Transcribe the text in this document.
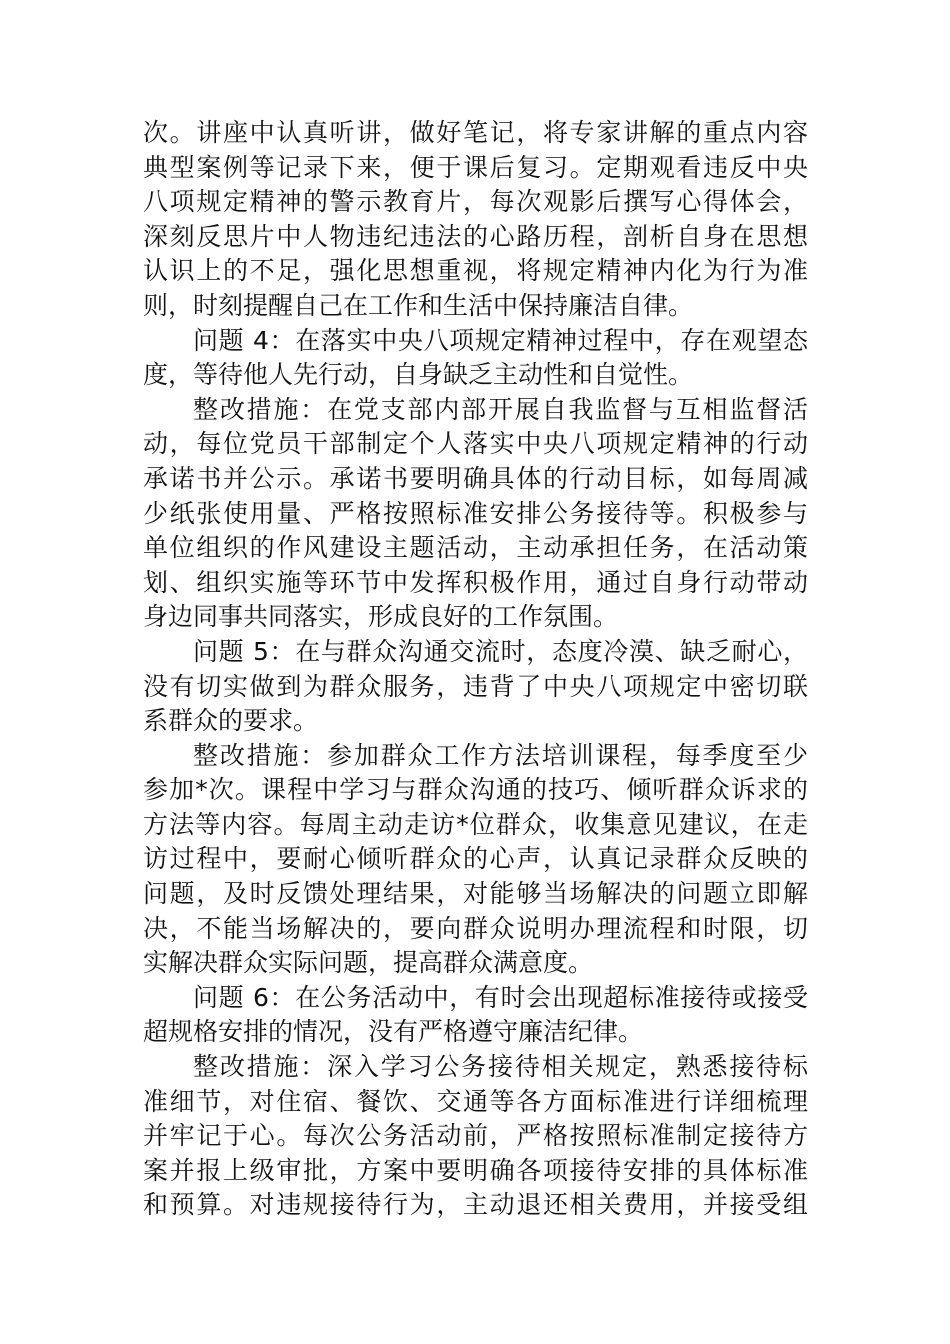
次。讲座中认真听讲，做好笔记，将专家讲解的重点内容
典型案例等记录下来，便于课后复习。定期观看违反中央
八项规定精神的警示教育片，每次观影后撰写心得体会，
深刻反思片中人物违纪违法的心路历程，剖析自身在思想
认识上的不足，强化思想重视，将规定精神内化为行为准
则，时刻提醒自己在工作和生活中保持廉洁自律。
问题 4：在落实中央八项规定精神过程中，存在观望态
度，等待他人先行动，自身缺乏主动性和自觉性。
整改措施：在党支部内部开展自我监督与互相监督活
动，每位党员干部制定个人落实中央八项规定精神的行动
承诺书并公示。承诺书要明确具体的行动目标，如每周减
少纸张使用量、严格按照标准安排公务接待等。积极参与
单位组织的作风建设主题活动，主动承担任务，在活动策
划、组织实施等环节中发挥积极作用，通过自身行动带动
身边同事共同落实，形成良好的工作氛围。
问题 5：在与群众沟通交流时，态度冷漠、缺乏耐心，
没有切实做到为群众服务，违背了中央八项规定中密切联
系群众的要求。
整改措施：参加群众工作方法培训课程，每季度至少
参加*次。课程中学习与群众沟通的技巧、倾听群众诉求的
方法等内容。每周主动走访*位群众，收集意见建议，在走
访过程中，要耐心倾听群众的心声，认真记录群众反映的
问题，及时反馈处理结果，对能够当场解决的问题立即解
决，不能当场解决的，要向群众说明办理流程和时限，切
实解决群众实际问题，提高群众满意度。
问题 6：在公务活动中，有时会出现超标准接待或接受
超规格安排的情况，没有严格遵守廉洁纪律。
整改措施：深入学习公务接待相关规定，熟悉接待标
准细节，对住宿、餐饮、交通等各方面标准进行详细梳理
并牢记于心。每次公务活动前，严格按照标准制定接待方
案并报上级审批，方案中要明确各项接待安排的具体标准
和预算。对违规接待行为，主动退还相关费用，并接受组
